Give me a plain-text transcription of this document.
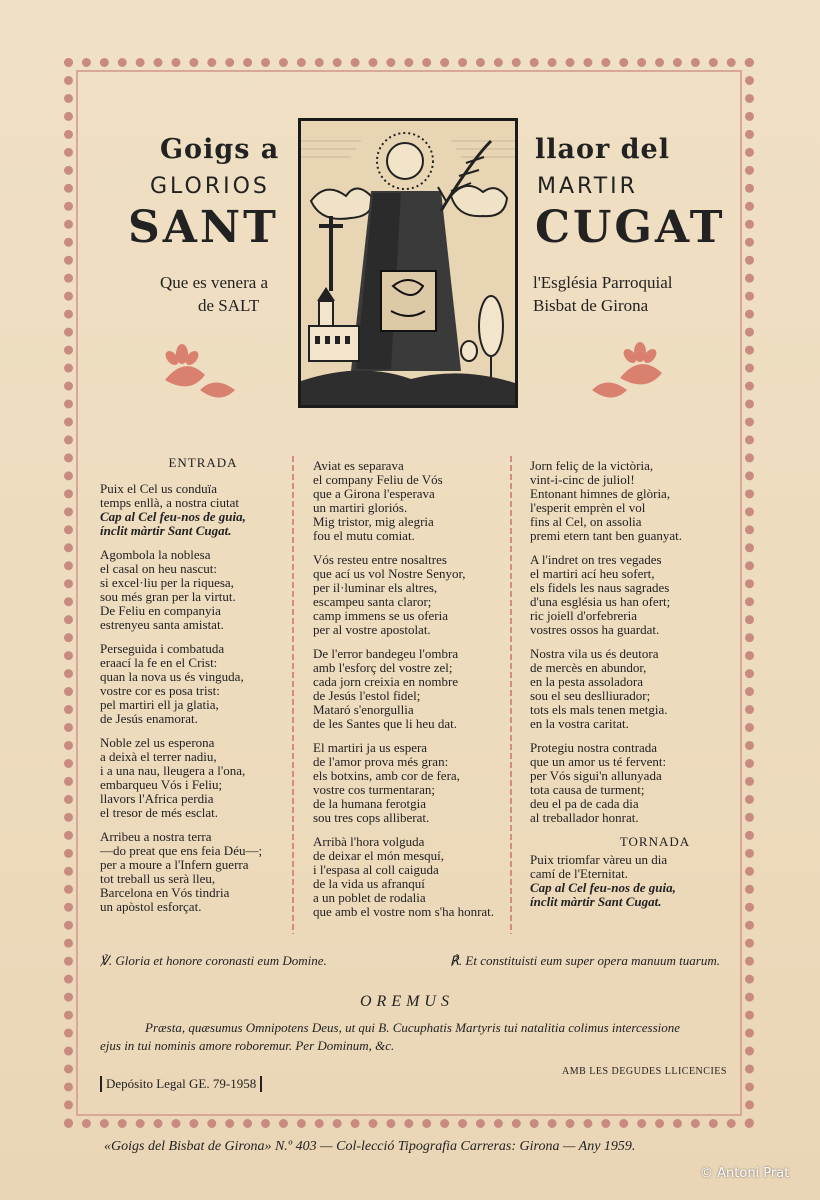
Goigs a	llaor del
GLORIOS	MARTIR
SANT	CUGAT
Que es venera a
de SALT
l'Església Parroquial
Bisbat de Girona
ENTRADA
Puix el Cel us conduïa
temps enllà, a nostra ciutat
Cap al Cel feu-nos de guia,
ínclit màrtir Sant Cugat.
Agombola la noblesa
el casal on heu nascut:
si excel·liu per la riquesa,
sou més gran per la virtut.
De Feliu en companyia
estrenyeu santa amistat.
Perseguida i combatuda
eraací la fe en el Crist:
quan la nova us és vinguda,
vostre cor es posa trist:
pel martiri ell ja glatia,
de Jesús enamorat.
Noble zel us esperona
a deixà el terrer nadiu,
i a una nau, lleugera a l'ona,
embarqueu Vós i Feliu;
llavors l'Africa perdia
el tresor de més esclat.
Arribeu a nostra terra
—do preat que ens feia Déu—;
per a moure a l'Infern guerra
tot treball us serà lleu,
Barcelona en Vós tindria
un apòstol esforçat.
Aviat es separava
el company Feliu de Vós
que a Girona l'esperava
un martiri gloriós.
Mig tristor, mig alegria
fou el mutu comiat.
Vós resteu entre nosaltres
que ací us vol Nostre Senyor,
per il·luminar els altres,
escampeu santa claror;
camp immens se us oferia
per al vostre apostolat.
De l'error bandegeu l'ombra
amb l'esforç del vostre zel;
cada jorn creixia en nombre
de Jesús l'estol fidel;
Mataró s'enorgullia
de les Santes que li heu dat.
El martiri ja us espera
de l'amor prova més gran:
els botxins, amb cor de fera,
vostre cos turmentaran;
de la humana ferotgia
sou tres cops alliberat.
Arribà l'hora volguda
de deixar el món mesquí,
i l'espasa al coll caiguda
de la vida us afranquí
a un poblet de rodalia
que amb el vostre nom s'ha honrat.
Jorn feliç de la victòria,
vint-i-cinc de juliol!
Entonant himnes de glòria,
l'esperit emprèn el vol
fins al Cel, on assolia
premi etern tant ben guanyat.
A l'indret on tres vegades
el martiri ací heu sofert,
els fidels les naus sagrades
d'una església us han ofert;
ric joiell d'orfebreria
vostres ossos ha guardat.
Nostra vila us és deutora
de mercès en abundor,
en la pesta assoladora
sou el seu deslliurador;
tots els mals tenen metgia.
en la vostra caritat.
Protegiu nostra contrada
que un amor us té fervent:
per Vós sigui'n allunyada
tota causa de turment;
deu el pa de cada dia
al treballador honrat.
TORNADA
Puix triomfar vàreu un dia
camí de l'Eternitat.
Cap al Cel feu-nos de guia,
ínclit màrtir Sant Cugat.
℣. Gloria et honore coronasti eum Domine.	℟. Et constituisti eum super opera manuum tuarum.
OREMUS
Præsta, quæsumus Omnipotens Deus, ut qui B. Cucuphatis Martyris tui natalitia colimus intercessione
ejus in tui nominis amore roboremur. Per Dominum, &c.
AMB LES DEGUDES LLICENCIES
Depósito Legal GE. 79-1958
«Goigs del Bisbat de Girona» N.º 403 — Col-lecció Tipografia Carreras: Girona — Any 1959.
© Antoni Prat
